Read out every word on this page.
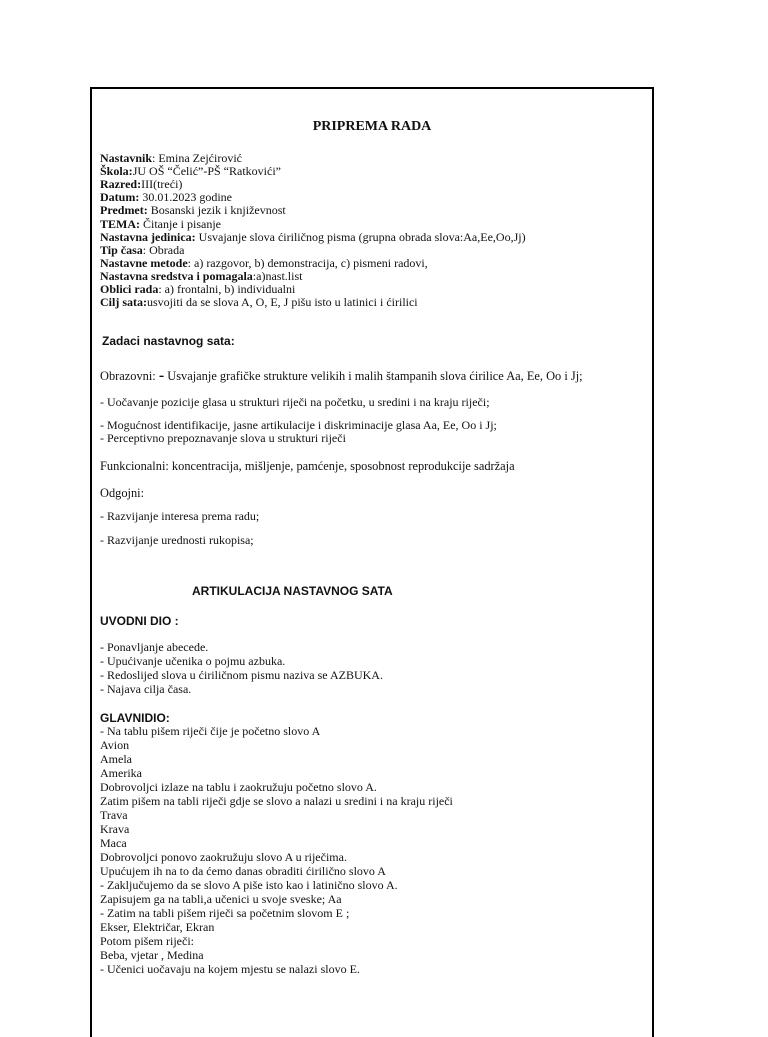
PRIPREMA RADA
Nastavnik: Emina Zejćirović
Škola:JU OŠ “Čelić”-PŠ “Ratkovići”
Razred:III(treći)
Datum: 30.01.2023 godine
Predmet: Bosanski jezik i književnost
TEMA: Čitanje i pisanje
Nastavna jedinica: Usvajanje slova ćiriličnog pisma (grupna obrada slova:Aa,Ee,Oo,Jj)
Tip časa: Obrada
Nastavne metode: a) razgovor, b) demonstracija, c) pismeni radovi,
Nastavna sredstva i pomagala:a)nast.list
Oblici rada: a) frontalni, b) individualni
Cilj sata:usvojiti da se slova A, O, E, J pišu isto u latinici i ćirilici
Zadaci nastavnog sata:
Obrazovni: - Usvajanje grafičke strukture velikih i malih štampanih slova ćirilice Aa, Ee, Oo i Jj;
- Uočavanje pozicije glasa u strukturi riječi na početku, u sredini i na kraju riječi;
- Mogućnost identifikacije, jasne artikulacije i diskriminacije glasa Aa, Ee, Oo i Jj;
- Perceptivno prepoznavanje slova u strukturi riječi
Funkcionalni: koncentracija, mišljenje, pamćenje, sposobnost reprodukcije sadržaja
Odgojni:
- Razvijanje interesa prema radu;
- Razvijanje urednosti rukopisa;
ARTIKULACIJA NASTAVNOG SATA
UVODNI DIO :
- Ponavljanje abecede.
- Upućivanje učenika o pojmu azbuka.
- Redoslijed slova u ćiriličnom pismu naziva se AZBUKA.
- Najava cilja časa.
GLAVNIDIO:
- Na tablu pišem riječi čije je početno slovo A
Avion
Amela
Amerika
Dobrovoljci izlaze na tablu i zaokružuju početno slovo A.
Zatim pišem na tabli riječi gdje se slovo a nalazi u sredini i na kraju riječi
Trava
Krava
Maca
Dobrovoljci ponovo zaokružuju slovo A u riječima.
Upućujem ih na to da ćemo danas obraditi ćirilično slovo A
- Zaključujemo da se slovo A piše isto kao i latinično slovo A.
Zapisujem ga na tabli,a učenici u svoje sveske; Aa
- Zatim na tabli pišem riječi sa početnim slovom E ;
Ekser, Električar, Ekran
Potom pišem riječi:
Beba, vjetar , Medina
- Učenici uočavaju na kojem mjestu se nalazi slovo E.
